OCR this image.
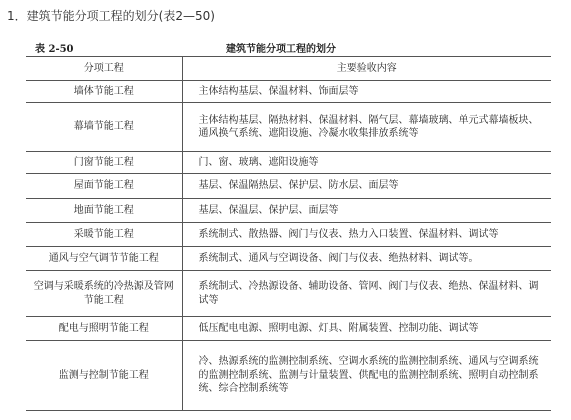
1．建筑节能分项工程的划分(表2—50)
表 2-50	建筑节能分项工程的划分
分项工程	主要验收内容
墙体节能工程	主体结构基层、保温材料、饰面层等
幕墙节能工程	主体结构基层、隔热材料、保温材料、隔气层、幕墙玻璃、单元式幕墙板块、通风换气系统、遮阳设施、冷凝水收集排放系统等
门窗节能工程	门、窗、玻璃、遮阳设施等
屋面节能工程	基层、保温隔热层、保护层、防水层、面层等
地面节能工程	基层、保温层、保护层、面层等
采暖节能工程	系统制式、散热器、阀门与仪表、热力入口装置、保温材料、调试等
通风与空气调节节能工程	系统制式、通风与空调设备、阀门与仪表、绝热材料、调试等。
空调与采暖系统的冷热源及管网节能工程	系统制式、冷热源设备、辅助设备、管网、阀门与仪表、绝热、保温材料、调试等
配电与照明节能工程	低压配电电源、照明电源、灯具、附属装置、控制功能、调试等
监测与控制节能工程	冷、热源系统的监测控制系统、空调水系统的监测控制系统、通风与空调系统的监测控制系统、监测与计量装置、供配电的监测控制系统、照明自动控制系统、综合控制系统等
